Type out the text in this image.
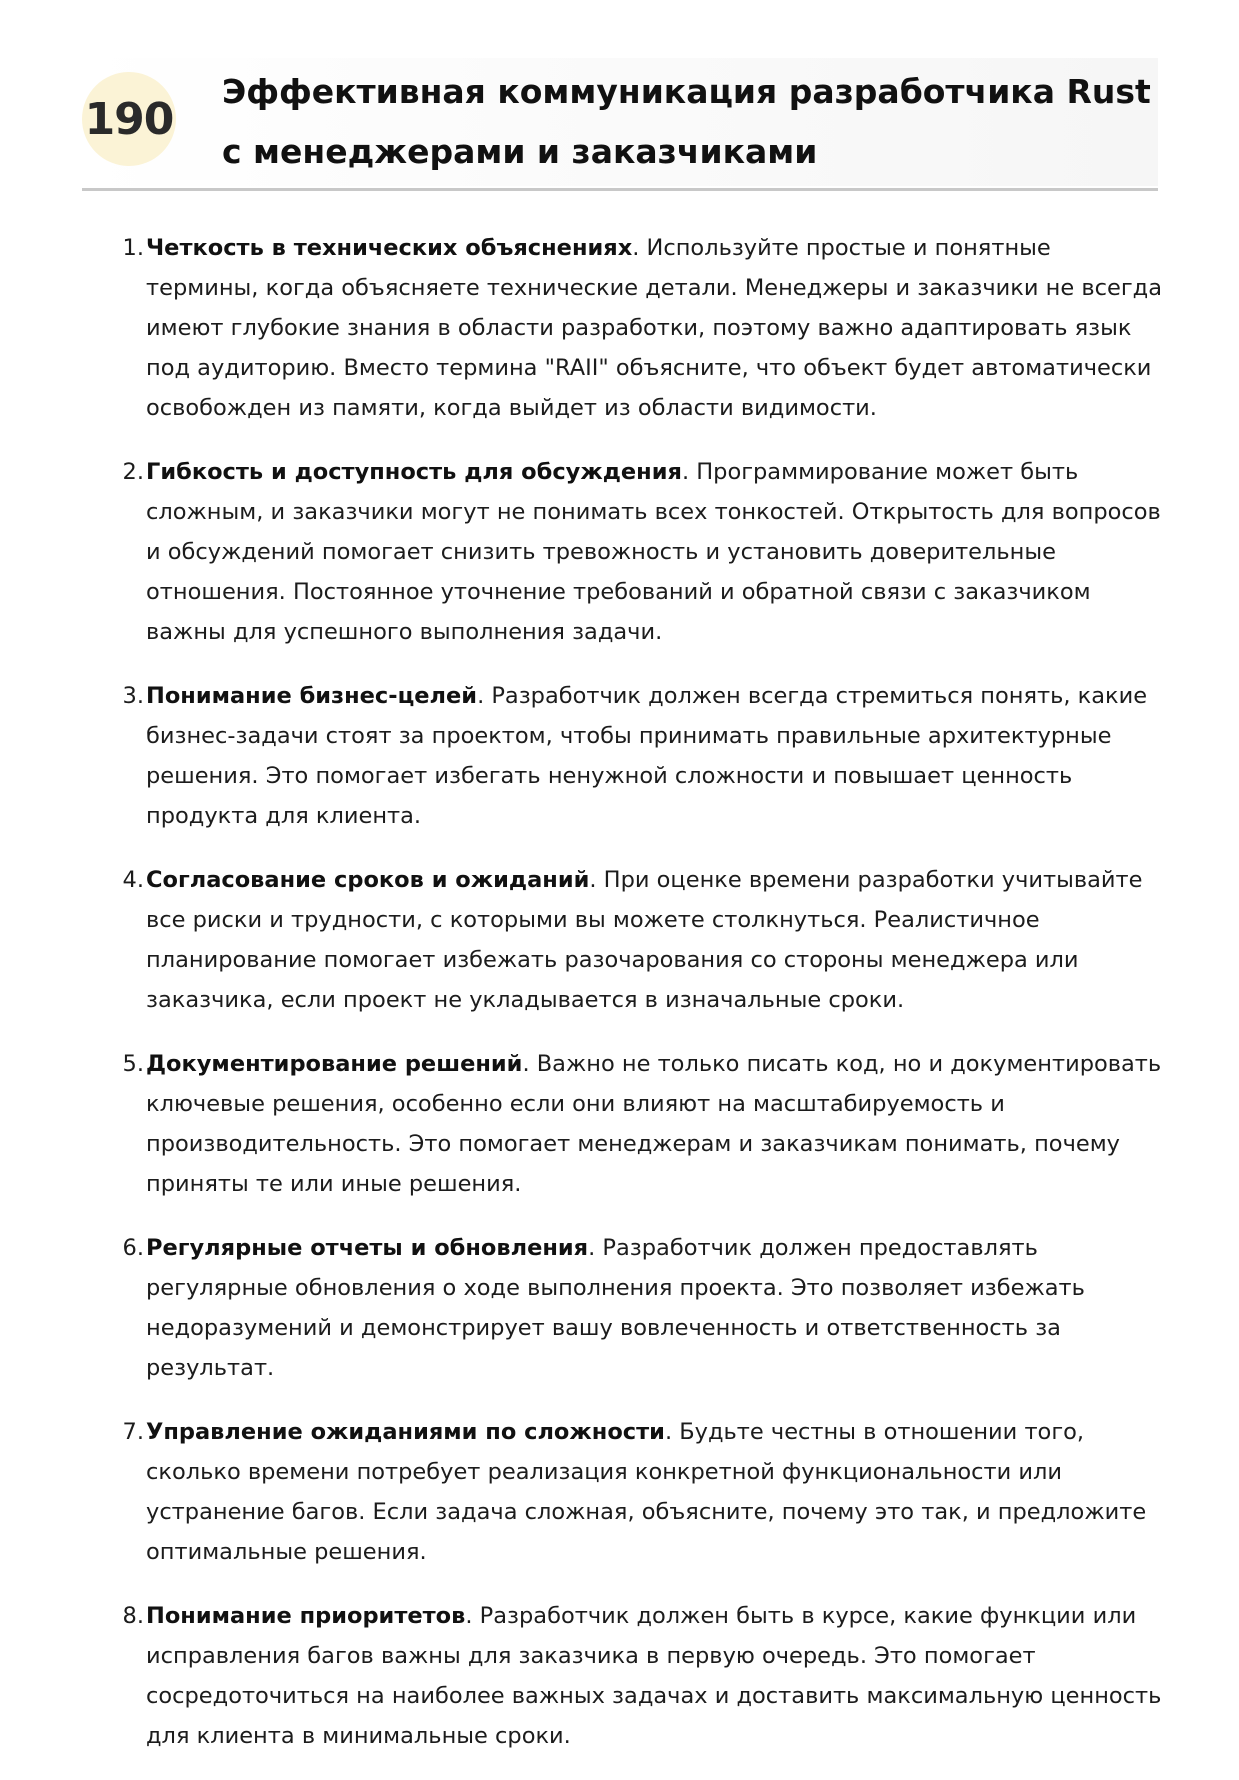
190
Эффективная коммуникация разработчика Rust с менеджерами и заказчиками
1. Четкость в технических объяснениях. Используйте простые и понятные термины, когда объясняете технические детали. Менеджеры и заказчики не всегда имеют глубокие знания в области разработки, поэтому важно адаптировать язык под аудиторию. Вместо термина "RAII" объясните, что объект будет автоматически освобожден из памяти, когда выйдет из области видимости.
2. Гибкость и доступность для обсуждения. Программирование может быть сложным, и заказчики могут не понимать всех тонкостей. Открытость для вопросов и обсуждений помогает снизить тревожность и установить доверительные отношения. Постоянное уточнение требований и обратной связи с заказчиком важны для успешного выполнения задачи.
3. Понимание бизнес-целей. Разработчик должен всегда стремиться понять, какие бизнес-задачи стоят за проектом, чтобы принимать правильные архитектурные решения. Это помогает избегать ненужной сложности и повышает ценность продукта для клиента.
4. Согласование сроков и ожиданий. При оценке времени разработки учитывайте все риски и трудности, с которыми вы можете столкнуться. Реалистичное планирование помогает избежать разочарования со стороны менеджера или заказчика, если проект не укладывается в изначальные сроки.
5. Документирование решений. Важно не только писать код, но и документировать ключевые решения, особенно если они влияют на масштабируемость и производительность. Это помогает менеджерам и заказчикам понимать, почему приняты те или иные решения.
6. Регулярные отчеты и обновления. Разработчик должен предоставлять регулярные обновления о ходе выполнения проекта. Это позволяет избежать недоразумений и демонстрирует вашу вовлеченность и ответственность за результат.
7. Управление ожиданиями по сложности. Будьте честны в отношении того, сколько времени потребует реализация конкретной функциональности или устранение багов. Если задача сложная, объясните, почему это так, и предложите оптимальные решения.
8. Понимание приоритетов. Разработчик должен быть в курсе, какие функции или исправления багов важны для заказчика в первую очередь. Это помогает сосредоточиться на наиболее важных задачах и доставить максимальную ценность для клиента в минимальные сроки.
